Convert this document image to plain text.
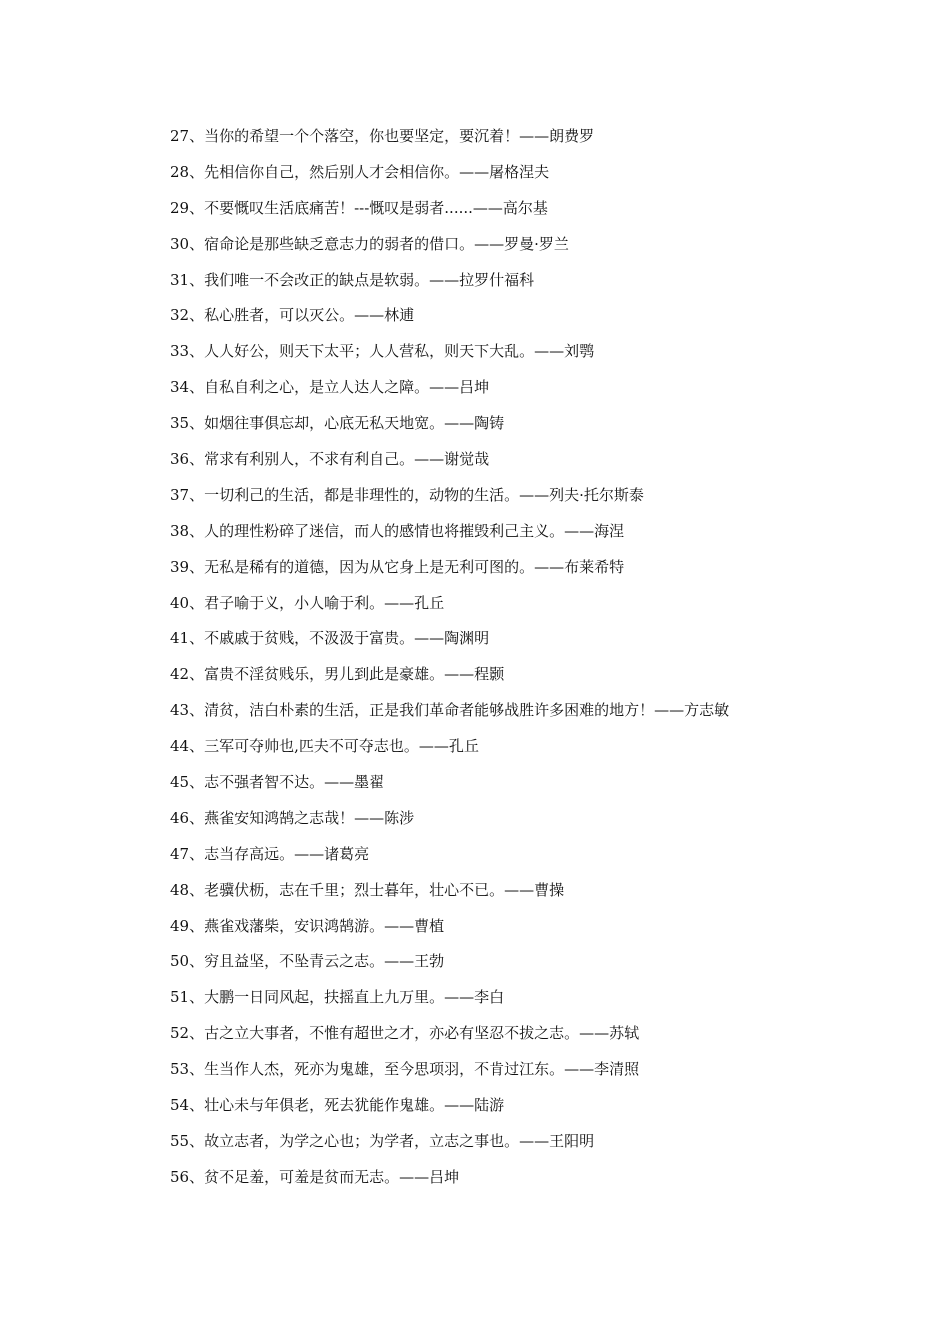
27、当你的希望一个个落空，你也要坚定，要沉着！——朗费罗
28、先相信你自己，然后别人才会相信你。——屠格涅夫
29、不要慨叹生活底痛苦！---慨叹是弱者......——高尔基
30、宿命论是那些缺乏意志力的弱者的借口。——罗曼·罗兰
31、我们唯一不会改正的缺点是软弱。——拉罗什福科
32、私心胜者，可以灭公。——林逋
33、人人好公，则天下太平；人人营私，则天下大乱。——刘鹗
34、自私自利之心，是立人达人之障。——吕坤
35、如烟往事俱忘却，心底无私天地宽。——陶铸
36、常求有利别人，不求有利自己。——谢觉哉
37、一切利己的生活，都是非理性的，动物的生活。——列夫·托尔斯泰
38、人的理性粉碎了迷信，而人的感情也将摧毁利己主义。——海涅
39、无私是稀有的道德，因为从它身上是无利可图的。——布莱希特
40、君子喻于义，小人喻于利。——孔丘
41、不戚戚于贫贱，不汲汲于富贵。——陶渊明
42、富贵不淫贫贱乐，男儿到此是豪雄。——程颢
43、清贫，洁白朴素的生活，正是我们革命者能够战胜许多困难的地方！——方志敏
44、三军可夺帅也,匹夫不可夺志也。——孔丘
45、志不强者智不达。——墨翟
46、燕雀安知鸿鹄之志哉！——陈涉
47、志当存高远。——诸葛亮
48、老骥伏枥，志在千里；烈士暮年，壮心不已。——曹操
49、燕雀戏藩柴，安识鸿鹄游。——曹植
50、穷且益坚，不坠青云之志。——王勃
51、大鹏一日同风起，扶摇直上九万里。——李白
52、古之立大事者，不惟有超世之才，亦必有坚忍不拔之志。——苏轼
53、生当作人杰，死亦为鬼雄，至今思项羽，不肯过江东。——李清照
54、壮心未与年俱老，死去犹能作鬼雄。——陆游
55、故立志者，为学之心也；为学者，立志之事也。——王阳明
56、贫不足羞，可羞是贫而无志。——吕坤
